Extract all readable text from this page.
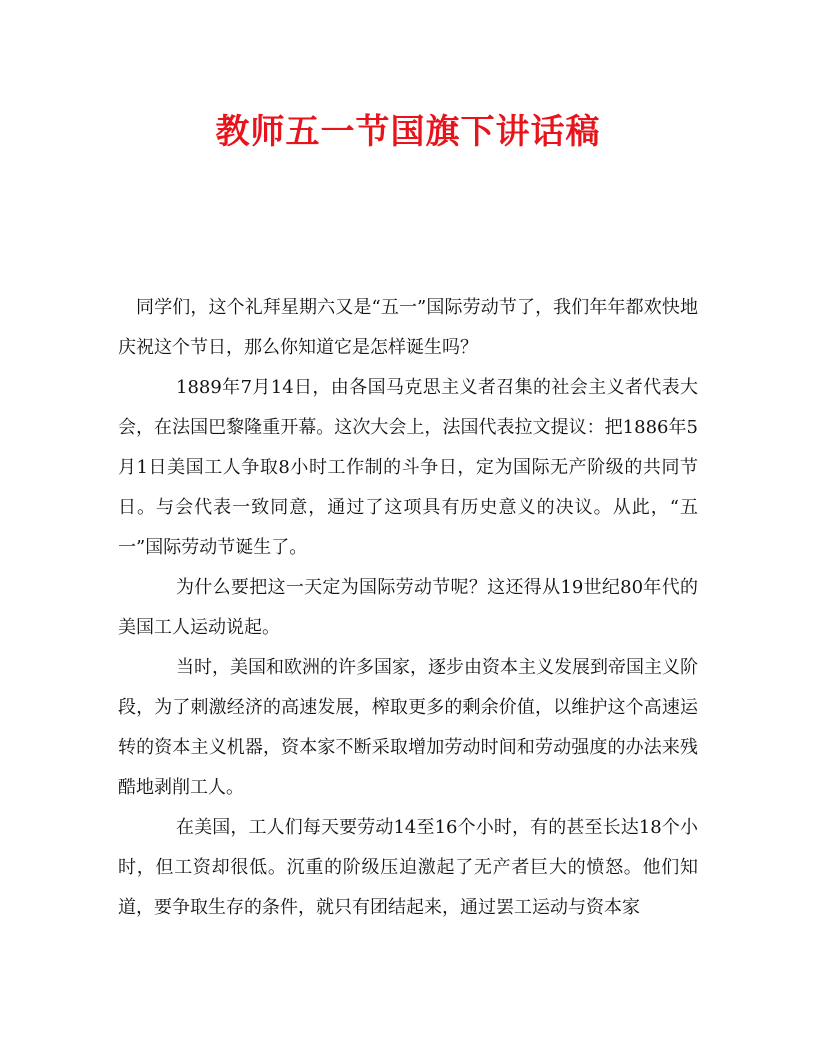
教师五一节国旗下讲话稿

同学们，这个礼拜星期六又是“五一”国际劳动节了，我们年年都欢快地庆祝这个节日，那么你知道它是怎样诞生吗？

1889年7月14日，由各国马克思主义者召集的社会主义者代表大会，在法国巴黎隆重开幕。这次大会上，法国代表拉文提议：把1886年5月1日美国工人争取8小时工作制的斗争日，定为国际无产阶级的共同节日。与会代表一致同意，通过了这项具有历史意义的决议。从此，“五一”国际劳动节诞生了。

为什么要把这一天定为国际劳动节呢？这还得从19世纪80年代的美国工人运动说起。

当时，美国和欧洲的许多国家，逐步由资本主义发展到帝国主义阶段，为了刺激经济的高速发展，榨取更多的剩余价值，以维护这个高速运转的资本主义机器，资本家不断采取增加劳动时间和劳动强度的办法来残酷地剥削工人。

在美国，工人们每天要劳动14至16个小时，有的甚至长达18个小时，但工资却很低。沉重的阶级压迫激起了无产者巨大的愤怒。他们知道，要争取生存的条件，就只有团结起来，通过罢工运动与资本家
